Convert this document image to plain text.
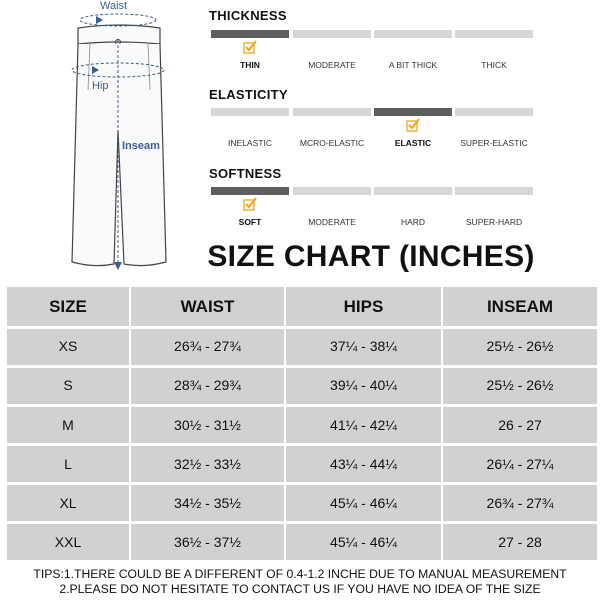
Waist
Hip
Inseam
THICKNESS
THIN	MODERATE	A BIT THICK	THICK
ELASTICITY
INELASTIC	MCRO-ELASTIC	ELASTIC	SUPER-ELASTIC
SOFTNESS
SOFT	MODERATE	HARD	SUPER-HARD
SIZE CHART (INCHES)
SIZE	WAIST	HIPS	INSEAM
XS	26¾ - 27¾	37¼ - 38¼	25½ - 26½
S	28¾ - 29¾	39¼ - 40¼	25½ - 26½
M	30½ - 31½	41¼ - 42¼	26 - 27
L	32½ - 33½	43¼ - 44¼	26¼ - 27¼
XL	34½ - 35½	45¼ - 46¼	26¾ - 27¾
XXL	36½ - 37½	45¼ - 46¼	27 - 28
TIPS:1.THERE COULD BE A DIFFERENT OF 0.4-1.2 INCHE DUE TO MANUAL MEASUREMENT
2.PLEASE DO NOT HESITATE TO CONTACT US IF YOU HAVE NO IDEA OF THE SIZE
